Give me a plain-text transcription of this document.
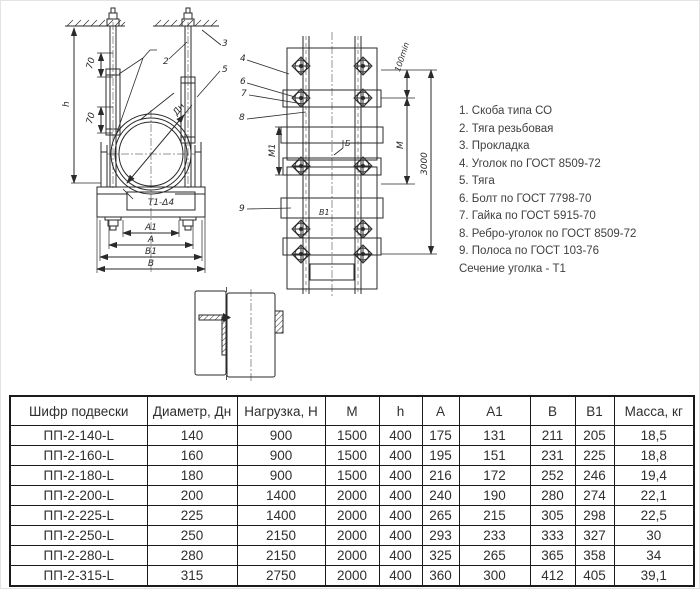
h
70
70
Дн
Т1-Δ4
А1
А
В1
В
2
3
5
4
6
7
8
9
М1
100min
М
3000
Б
В1
1. Скоба типа СО
2. Тяга резьбовая
3. Прокладка
4. Уголок по ГОСТ 8509-72
5. Тяга
6. Болт по ГОСТ 7798-70
7. Гайка по ГОСТ 5915-70
8. Ребро-уголок по ГОСТ 8509-72
9. Полоса по ГОСТ 103-76
Сечение уголка - Т1
Шифр подвески	Диаметр, Дн	Нагрузка, Н	M	h	A	A1	B	B1	Масса, кг
ПП-2-140-L	140	900	1500	400	175	131	211	205	18,5
ПП-2-160-L	160	900	1500	400	195	151	231	225	18,8
ПП-2-180-L	180	900	1500	400	216	172	252	246	19,4
ПП-2-200-L	200	1400	2000	400	240	190	280	274	22,1
ПП-2-225-L	225	1400	2000	400	265	215	305	298	22,5
ПП-2-250-L	250	2150	2000	400	293	233	333	327	30
ПП-2-280-L	280	2150	2000	400	325	265	365	358	34
ПП-2-315-L	315	2750	2000	400	360	300	412	405	39,1
